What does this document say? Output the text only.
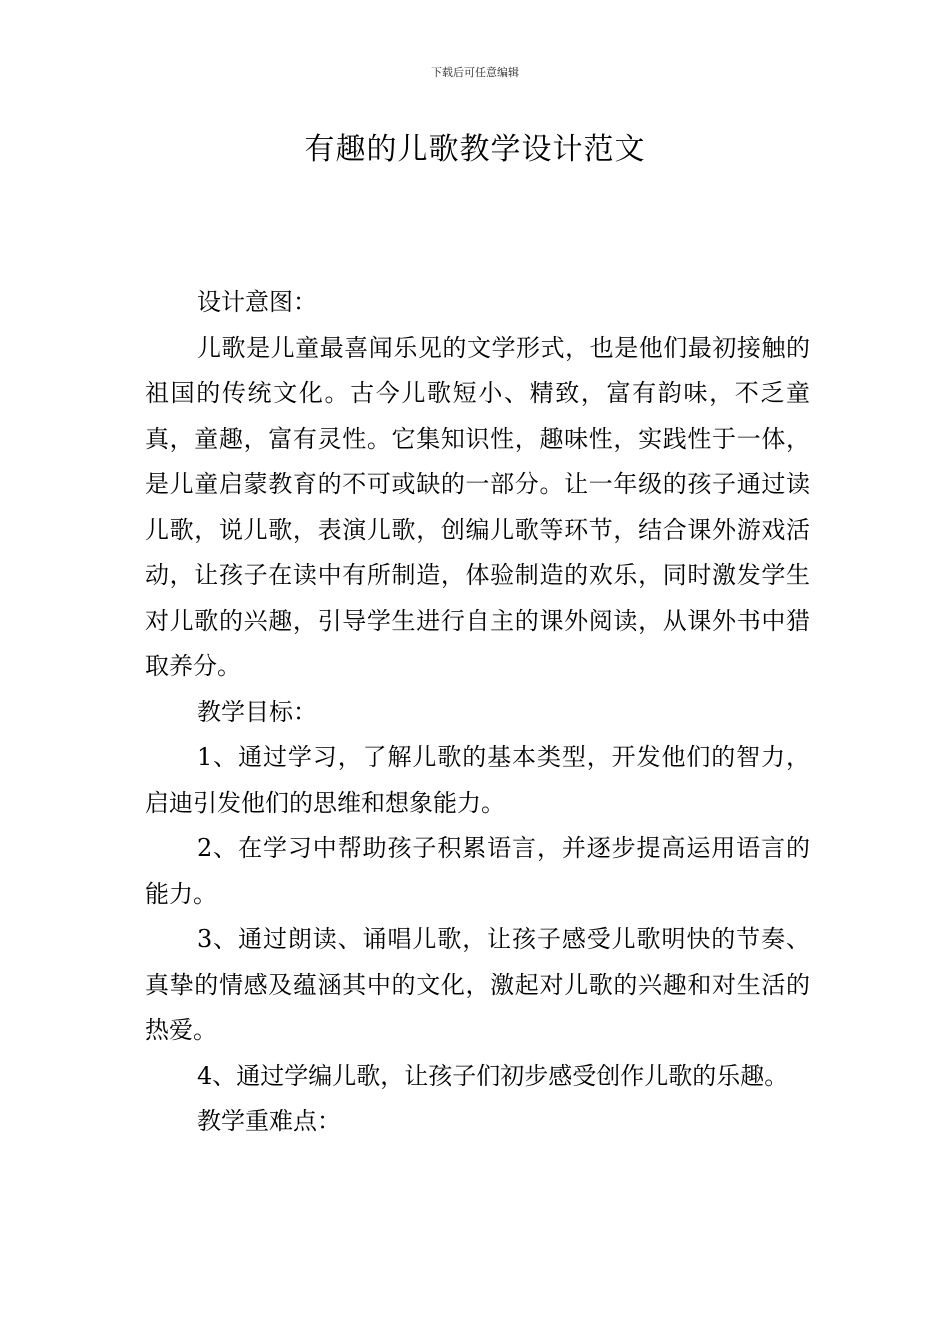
下载后可任意编辑
有趣的儿歌教学设计范文

设计意图：

儿歌是儿童最喜闻乐见的文学形式，也是他们最初接触的祖国的传统文化。古今儿歌短小、精致，富有韵味，不乏童真，童趣，富有灵性。它集知识性，趣味性，实践性于一体，是儿童启蒙教育的不可或缺的一部分。让一年级的孩子通过读儿歌，说儿歌，表演儿歌，创编儿歌等环节，结合课外游戏活动，让孩子在读中有所制造，体验制造的欢乐，同时激发学生对儿歌的兴趣，引导学生进行自主的课外阅读，从课外书中猎取养分。

教学目标：

1、通过学习，了解儿歌的基本类型，开发他们的智力，启迪引发他们的思维和想象能力。

2、在学习中帮助孩子积累语言，并逐步提高运用语言的能力。

3、通过朗读、诵唱儿歌，让孩子感受儿歌明快的节奏、真挚的情感及蕴涵其中的文化，激起对儿歌的兴趣和对生活的热爱。

4、通过学编儿歌，让孩子们初步感受创作儿歌的乐趣。

教学重难点：
